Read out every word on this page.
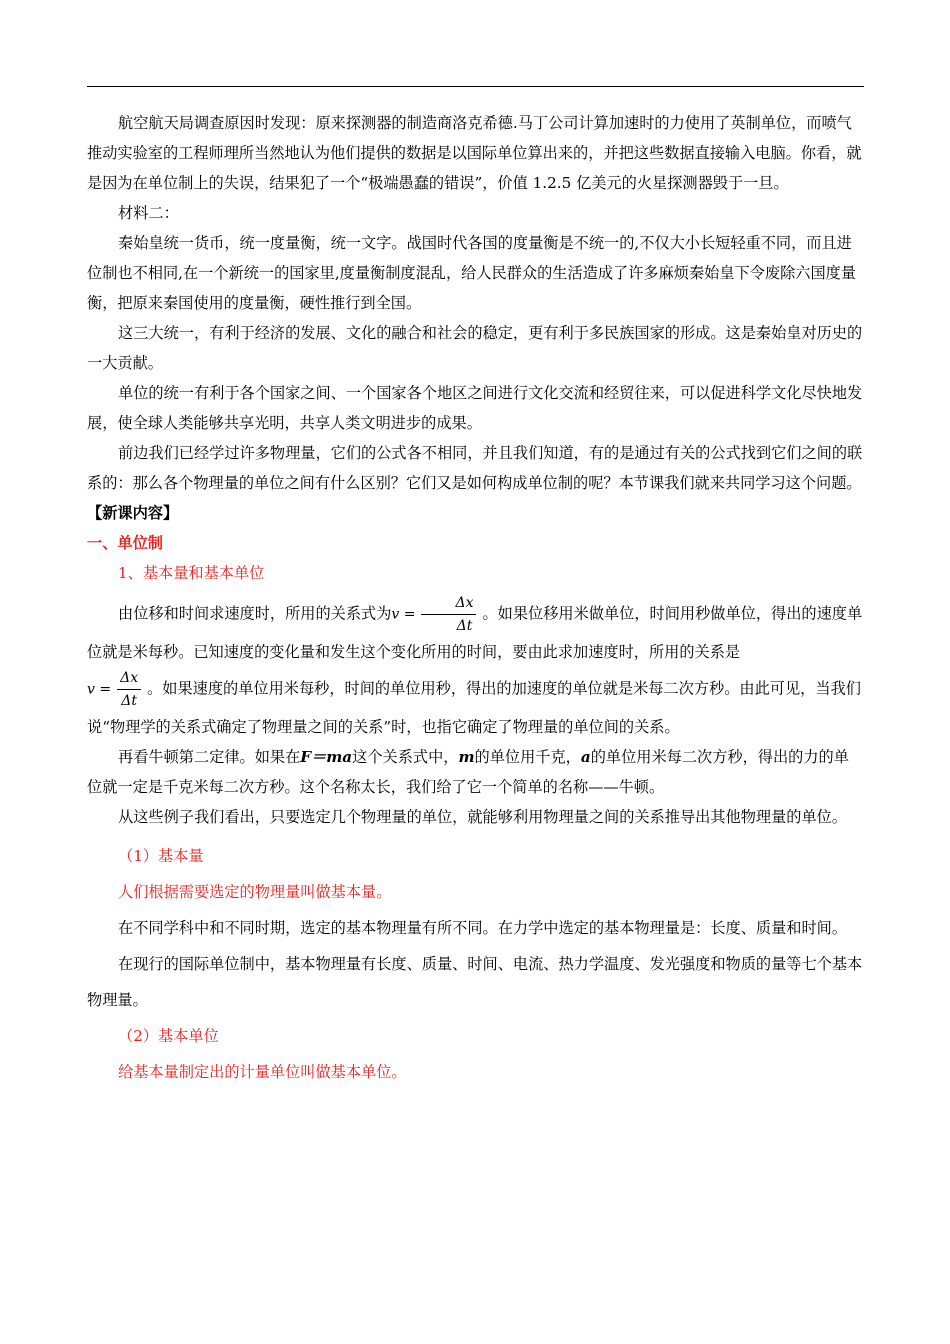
航空航天局调查原因时发现：原来探测器的制造商洛克希德.马丁公司计算加速时的力使用了英制单位，而喷气推动实验室的工程师理所当然地认为他们提供的数据是以国际单位算出来的，并把这些数据直接输入电脑。你看，就是因为在单位制上的失误，结果犯了一个“极端愚蠢的错误”，价值 1.2.5 亿美元的火星探测器毁于一旦。

材料二：

秦始皇统一货币，统一度量衡，统一文字。战国时代各国的度量衡是不统一的,不仅大小长短轻重不同，而且进位制也不相同,在一个新统一的国家里,度量衡制度混乱，给人民群众的生活造成了许多麻烦秦始皇下令废除六国度量衡，把原来秦国使用的度量衡，硬性推行到全国。

这三大统一，有利于经济的发展、文化的融合和社会的稳定，更有利于多民族国家的形成。这是秦始皇对历史的一大贡献。

单位的统一有利于各个国家之间、一个国家各个地区之间进行文化交流和经贸往来，可以促进科学文化尽快地发展，使全球人类能够共享光明，共享人类文明进步的成果。

前边我们已经学过许多物理量，它们的公式各不相同，并且我们知道，有的是通过有关的公式找到它们之间的联系的：那么各个物理量的单位之间有什么区别？它们又是如何构成单位制的呢？本节课我们就来共同学习这个问题。

【新课内容】

一、单位制

1、基本量和基本单位

由位移和时间求速度时，所用的关系式为$v = \frac{\Delta x}{\Delta t}$ 。如果位移用米做单位，时间用秒做单位，得出的速度单位就是米每秒。已知速度的变化量和发生这个变化所用的时间，要由此求加速度时，所用的关系是

$v = \frac{\Delta x}{\Delta t}$ 。如果速度的单位用米每秒，时间的单位用秒，得出的加速度的单位就是米每二次方秒。由此可见，当我们说“物理学的关系式确定了物理量之间的关系”时，也指它确定了物理量的单位间的关系。

再看牛顿第二定律。如果在F＝ma这个关系式中，m的单位用千克，a的单位用米每二次方秒，得出的力的单位就一定是千克米每二次方秒。这个名称太长，我们给了它一个简单的名称——牛顿。

从这些例子我们看出，只要选定几个物理量的单位，就能够利用物理量之间的关系推导出其他物理量的单位。

（1）基本量

人们根据需要选定的物理量叫做基本量。

在不同学科中和不同时期，选定的基本物理量有所不同。在力学中选定的基本物理量是：长度、质量和时间。

在现行的国际单位制中，基本物理量有长度、质量、时间、电流、热力学温度、发光强度和物质的量等七个基本物理量。

（2）基本单位

给基本量制定出的计量单位叫做基本单位。
